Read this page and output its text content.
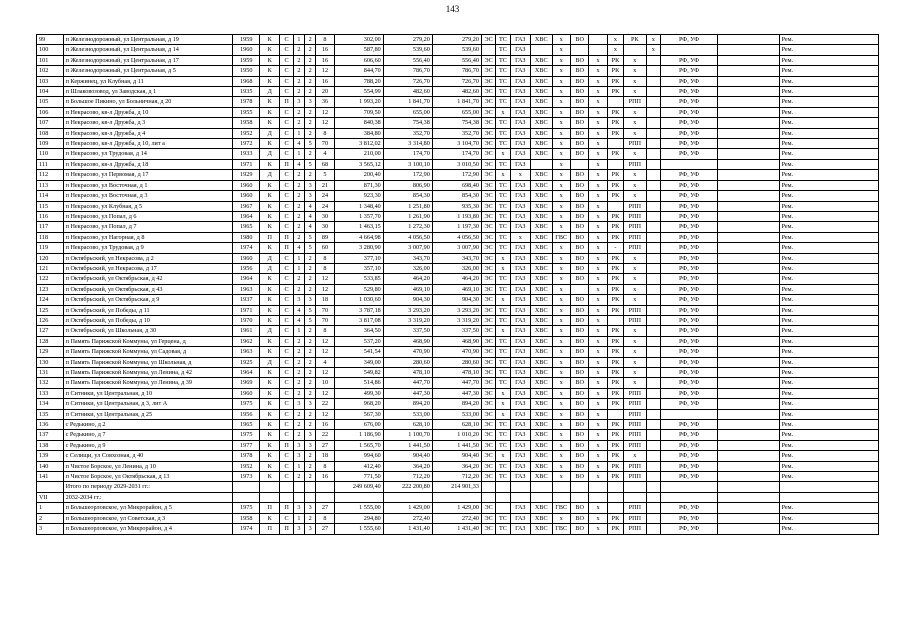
143
99	п Железнодорожный, ул Центральная, д 19	1959	К	С	1	2	8	302,00	279,20	279,20	ЭС	ТС	ГАЗ	ХВС	х	ВО		х	РК	х	РФ, УФ		Рем.
100	п Железнодорожный, ул Центральная, д 14	1960	К	С	2	2	16	587,80	539,60	539,60		ТС	ГАЗ		х			х		х			Рем.
101	п Железнодорожный, ул Центральная, д 17	1959	К	С	2	2	16	606,60	556,40	556,40	ЭС	ТС	ГАЗ	ХВС	х	ВО	х	РК	х		РФ, УФ		Рем.
102	п Железнодорожный, ул Центральная, д 5	1950	К	С	2	2	12	844,70	786,70	786,70	ЭС	ТС	ГАЗ	ХВС	х	ВО	х	РК	х		РФ, УФ		Рем.
103	п Кержинец, ул Клубная, д 11	1968	К	С	2	2	16	788,20	726,70	726,70	ЭС	ТС	ГАЗ	ХВС	х	ВО	х	РК	х		РФ, УФ		Рем.
104	п Шлаковозовод, ул Заводская, д 1	1935	Д	С	2	2	20	554,99	482,60	482,60	ЭС	ТС	ГАЗ	ХВС	х	ВО	х	РК	х		РФ, УФ		Рем.
105	п Большое Пикино, ул Больничная, д 20	1978	К	П	3	3	36	1 993,20	1 841,70	1 841,70	ЭС	ТС	ГАЗ	ХВС	х	ВО	х		РПП		РФ, УФ		Рем.
106	п Некрасово, кв-л Дружба, д 10	1955	К	С	2	2	12	709,50	655,00	655,00	ЭС	х	ГАЗ	ХВС	х	ВО	х	РК	х		РФ, УФ		Рем.
107	п Некрасово, кв-л Дружба, д 3	1958	К	С	2	2	12	840,38	754,38	754,38	ЭС	ТС	ГАЗ	ХВС	х	ВО	х	РК	х		РФ, УФ		Рем.
108	п Некрасово, кв-л Дружба, д 4	1952	Д	С	1	2	8	384,80	352,70	352,70	ЭС	ТС	ГАЗ	ХВС	х	ВО	х	РК	х		РФ, УФ		Рем.
109	п Некрасово, кв-л Дружба, д 10, лит а	1972	К	С	4	5	70	3 812,02	3 314,80	3 104,70	ЭС	ТС	ГАЗ	ХВС	х	ВО	х		РПП		РФ, УФ		Рем.
110	п Некрасово, ул Трудовая, д 14	1933	Д	С	1	2	4	210,00	174,70	174,70	ЭС	х	ГАЗ	ХВС	х	ВО	х	РК	х		РФ, УФ		Рем.
111	п Некрасово, кв-л Дружба, д 18	1971	К	П	4	5	68	3 565,12	3 100,10	3 010,50	ЭС	ТС	ГАЗ		х		х		РПП				Рем.
112	п Некрасово, ул Первомая, д 17	1929	Д	С	2	2	5	200,40	172,90	172,90	ЭС	х	х	ХВС	х	ВО	х	РК	х		РФ, УФ		Рем.
113	п Некрасово, ул Восточная, д 1	1960	К	С	2	3	21	871,30	806,90	698,40	ЭС	ТС	ГАЗ	ХВС	х	ВО	х	РК	х		РФ, УФ		Рем.
114	п Некрасово, ул Восточная, д 3	1960	К	С	2	3	24	923,30	854,30	854,30	ЭС	ТС	ГАЗ	ХВС	х	ВО	х	РК	х		РФ, УФ		Рем.
115	п Некрасово, ул Клубная, д 5	1967	К	С	2	4	24	1 348,40	1 251,80	935,30	ЭС	ТС	ГАЗ	ХВС	х	ВО	х		РПП		РФ, УФ		Рем.
116	п Некрасово, ул Попал, д 6	1964	К	С	2	4	30	1 357,70	1 261,90	1 193,80	ЭС	ТС	ГАЗ	ХВС	х	ВО	х	РК	РПП		РФ, УФ		Рем.
117	п Некрасово, ул Попал, д 7	1965	К	С	2	4	30	1 463,15	1 272,30	1 197,30	ЭС	ТС	ГАЗ	ХВС	х	ВО	х	РК	РПП		РФ, УФ		Рем.
118	п Некрасово, ул Нагорная, д 8	1980	П	П	2	5	89	4 664,98	4 056,50	4 056,50	ЭС	ТС	х	ХВС	ГВС	ВО	х	РК	РПП		РФ, УФ		Рем.
119	п Некрасово, ул Трудовая, д 9	1974	К	П	4	5	60	3 280,90	3 007,90	3 007,90	ЭС	ТС	ГАЗ	ХВС	х	ВО	х	-	РПП		РФ, УФ		Рем.
120	п Октябрьский, ул Некрасова, д 2	1960	Д	С	1	2	8	377,10	343,70	343,70	ЭС	х	ГАЗ	ХВС	х	ВО	х	РК	х		РФ, УФ		Рем.
121	п Октябрьский, ул Некрасова, д 17	1956	Д	С	1	2	8	357,10	326,00	326,00	ЭС	х	ГАЗ	ХВС	х	ВО	х	РК	х		РФ, УФ		Рем.
122	п Октябрьский, ул Октябрьская, д 42	1964	К	С	2	2	12	533,85	464,20	464,20	ЭС	ТС	ГАЗ	ХВС	х	ВО	х	РК	х		РФ, УФ		Рем.
123	п Октябрьский, ул Октябрьская, д 43	1963	К	С	2	2	12	529,80	469,10	469,10	ЭС	ТС	ГАЗ	ХВС	х		х	РК	х		РФ, УФ		Рем.
124	п Октябрьский, ул Октябрьская, д 9	1937	К	С	3	3	18	1 030,60	904,30	904,30	ЭС	х	ГАЗ	ХВС	х	ВО	х	РК	х		РФ, УФ		Рем.
125	п Октябрьский, ул Победы, д 11	1971	К	С	4	5	70	3 787,18	3 293,20	3 293,20	ЭС	ТС	ГАЗ	ХВС	х	ВО	х	РК	РПП		РФ, УФ		Рем.
126	п Октябрьский, ул Победы, д 10	1970	К	С	4	5	70	3 817,08	3 319,20	3 319,20	ЭС	ТС	ГАЗ	ХВС	х	ВО	х		РПП		РФ, УФ		Рем.
127	п Октябрьский, ул Школьная, д 30	1961	Д	С	1	2	8	364,50	337,50	337,50	ЭС	х	ГАЗ	ХВС	х	ВО	х	РК	х		РФ, УФ		Рем.
128	п Память Парижской Коммуны, ул Герцена, д	1962	К	С	2	2	12	537,20	468,90	468,90	ЭС	ТС	ГАЗ	ХВС	х	ВО	х	РК	х		РФ, УФ		Рем.
129	п Память Парижской Коммуны, ул Садовая, д	1963	К	С	2	2	12	541,54	470,90	470,90	ЭС	ТС	ГАЗ	ХВС	х	ВО	х	РК	х		РФ, УФ		Рем.
130	п Память Парижской Коммуны, ул Школьная, д	1925	Д	С	2	2	4	349,00	280,60	280,60	ЭС	ТС	ГАЗ	ХВС	х	ВО	х	РК	х		РФ, УФ		Рем.
131	п Память Парижской Коммуны, ул Ленина, д 42	1964	К	С	2	2	12	549,82	478,10	478,10	ЭС	ТС	ГАЗ	ХВС	х	ВО	х	РК	х		РФ, УФ		Рем.
132	п Память Парижской Коммуны, ул Ленина, д 39	1969	К	С	2	2	10	514,86	447,70	447,70	ЭС	ТС	ГАЗ	ХВС	х	ВО	х	РК	х		РФ, УФ		Рем.
133	п Ситники, ул Центральная, д 10	1960	К	С	2	2	12	499,30	447,30	447,30	ЭС	х	ГАЗ	ХВС	х	ВО	х	РК	РПП		РФ, УФ		Рем.
134	п Ситники, ул Центральная, д 3, лит А	1975	К	С	3	3	22	968,20	894,20	894,20	ЭС	х	ГАЗ	ХВС	х	ВО	х	РК	РПП		РФ, УФ		Рем.
135	п Ситники, ул Центральная, д 25	1956	К	С	2	2	12	567,30	533,00	533,00	ЭС	х	ГАЗ	ХВС	х	ВО	х		РПП				Рем.
136	с Редькино, д 2	1965	К	С	2	2	16	676,00	628,10	628,10	ЭС	ТС	ГАЗ	ХВС	х	ВО	х	РК	РПП		РФ, УФ		Рем.
137	с Редькино, д 7	1975	К	С	2	3	22	1 186,90	1 100,70	1 010,20	ЭС	ТС	ГАЗ	ХВС	х	ВО	х	РК	РПП		РФ, УФ		Рем.
138	с Редькино, д 9	1977	К	П	3	3	27	1 565,70	1 441,50	1 441,50	ЭС	ТС	ГАЗ	ХВС	х	ВО	х	РК	РПП		РФ, УФ		Рем.
139	с Селищи, ул Совхозная, д 40	1978	К	С	3	2	18	994,60	904,40	904,40	ЭС	х	ГАЗ	ХВС	х	ВО	х	РК	х		РФ, УФ		Рем.
140	п Чистое Борское, ул Ленина, д 10	1952	К	С	1	2	8	412,40	364,20	364,20	ЭС	ТС	ГАЗ	ХВС	х	ВО	х	РК	РПП		РФ, УФ		Рем.
141	п Чистое Борское, ул Октябрьская, д 13	1973	К	С	2	2	16	771,50	712,20	712,20	ЭС	ТС	ГАЗ	ХВС	х	ВО	х	РК	РПП		РФ, УФ		Рем.
	Итого по периоду 2029-2031 гг.:							249 609,40	222 200,80	214 901,33													
VII	2032-2034 гг.:																						
1	п Большеорловское, ул Микрорайон, д 5	1975	П	П	3	3	27	1 555,00	1 429,00	1 429,00	ЭС		ГАЗ	ХВС	ГВС	ВО	х		РПП		РФ, УФ		Рем.
2	п Большеорловское, ул Советская, д 3	1958	К	С	1	2	8	294,80	272,40	272,40	ЭС	ТС	ГАЗ	ХВС	х	ВО	х	РК	РПП		РФ, УФ		Рем.
3	п Большеорловское, ул Микрорайон, д 4	1974	П	П	3	3	27	1 555,60	1 431,40	1 431,40	ЭС	ТС	ГАЗ	ХВС	ГВС	ВО	х	РК	РПП		РФ, УФ		Рем.
